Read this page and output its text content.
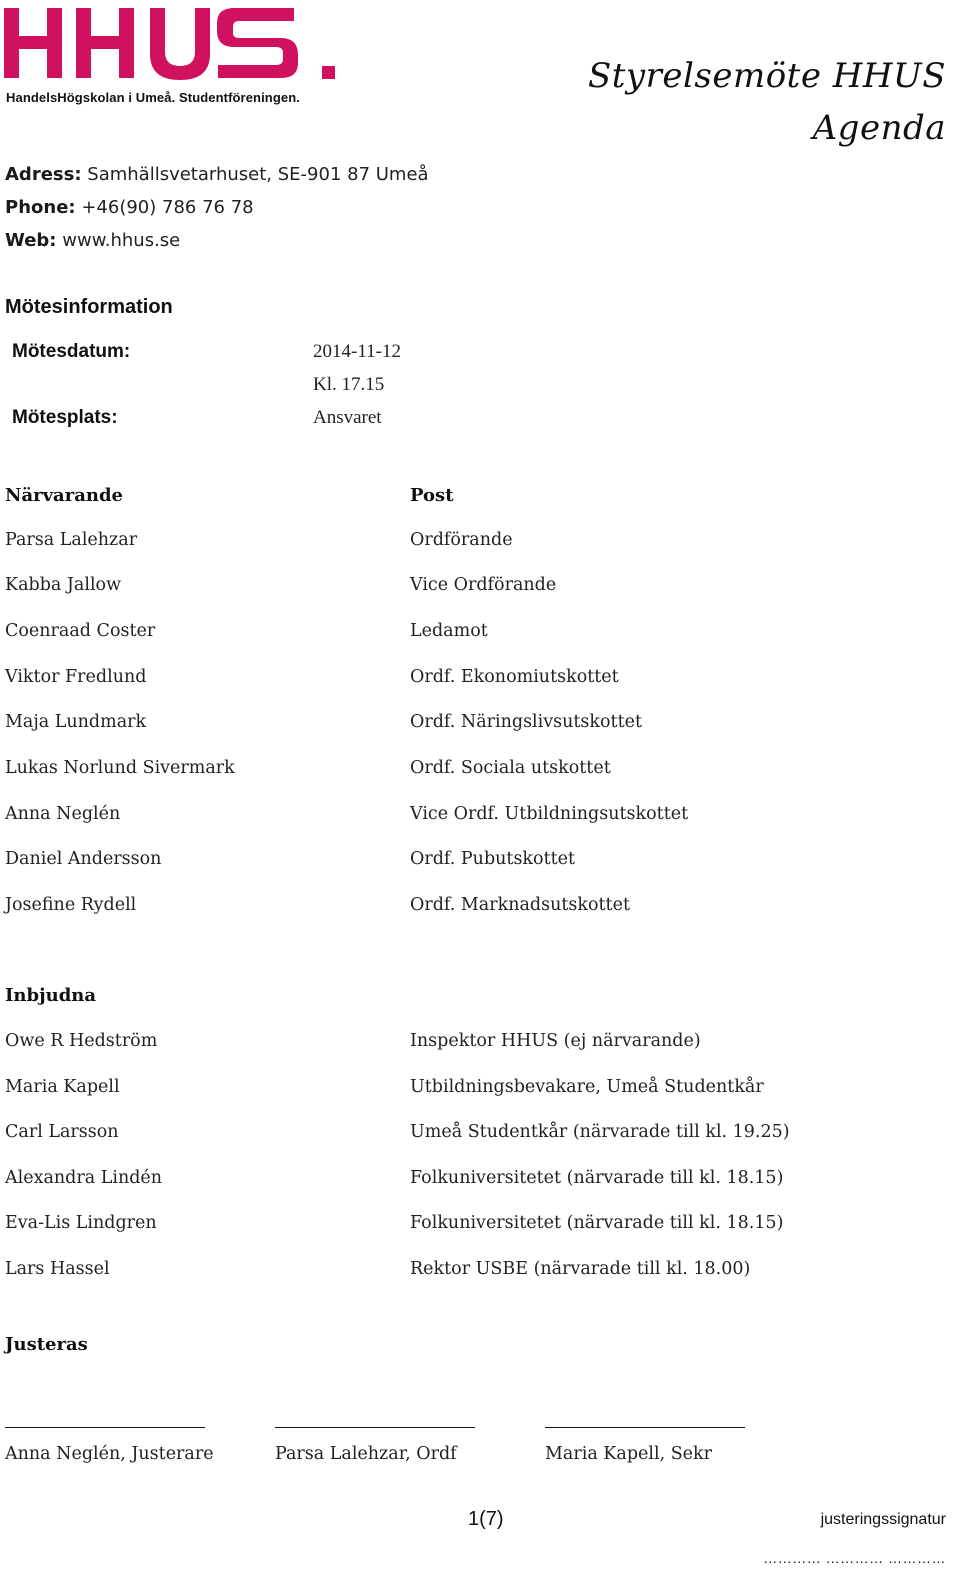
HandelsHögskolan i Umeå. Studentföreningen.
Styrelsemöte HHUS
Agenda
Adress: Samhällsvetarhuset, SE-901 87 Umeå
Phone: +46(90) 786 76 78
Web: www.hhus.se
Mötesinformation
Mötesdatum:	2014-11-12
Kl. 17.15
Mötesplats:	Ansvaret
Närvarande	Post
Parsa Lalehzar	Ordförande
Kabba Jallow	Vice Ordförande
Coenraad Coster	Ledamot
Viktor Fredlund	Ordf. Ekonomiutskottet
Maja Lundmark	Ordf. Näringslivsutskottet
Lukas Norlund Sivermark	Ordf. Sociala utskottet
Anna Neglén	Vice Ordf. Utbildningsutskottet
Daniel Andersson	Ordf. Pubutskottet
Josefine Rydell	Ordf. Marknadsutskottet
Inbjudna
Owe R Hedström	Inspektor HHUS (ej närvarande)
Maria Kapell	Utbildningsbevakare, Umeå Studentkår
Carl Larsson	Umeå Studentkår (närvarade till kl. 19.25)
Alexandra Lindén	Folkuniversitetet (närvarade till kl. 18.15)
Eva-Lis Lindgren	Folkuniversitetet (närvarade till kl. 18.15)
Lars Hassel	Rektor USBE (närvarade till kl. 18.00)
Justeras
Anna Neglén, Justerare	Parsa Lalehzar, Ordf	Maria Kapell, Sekr
1(7)	justeringssignatur
………… ………… …………
